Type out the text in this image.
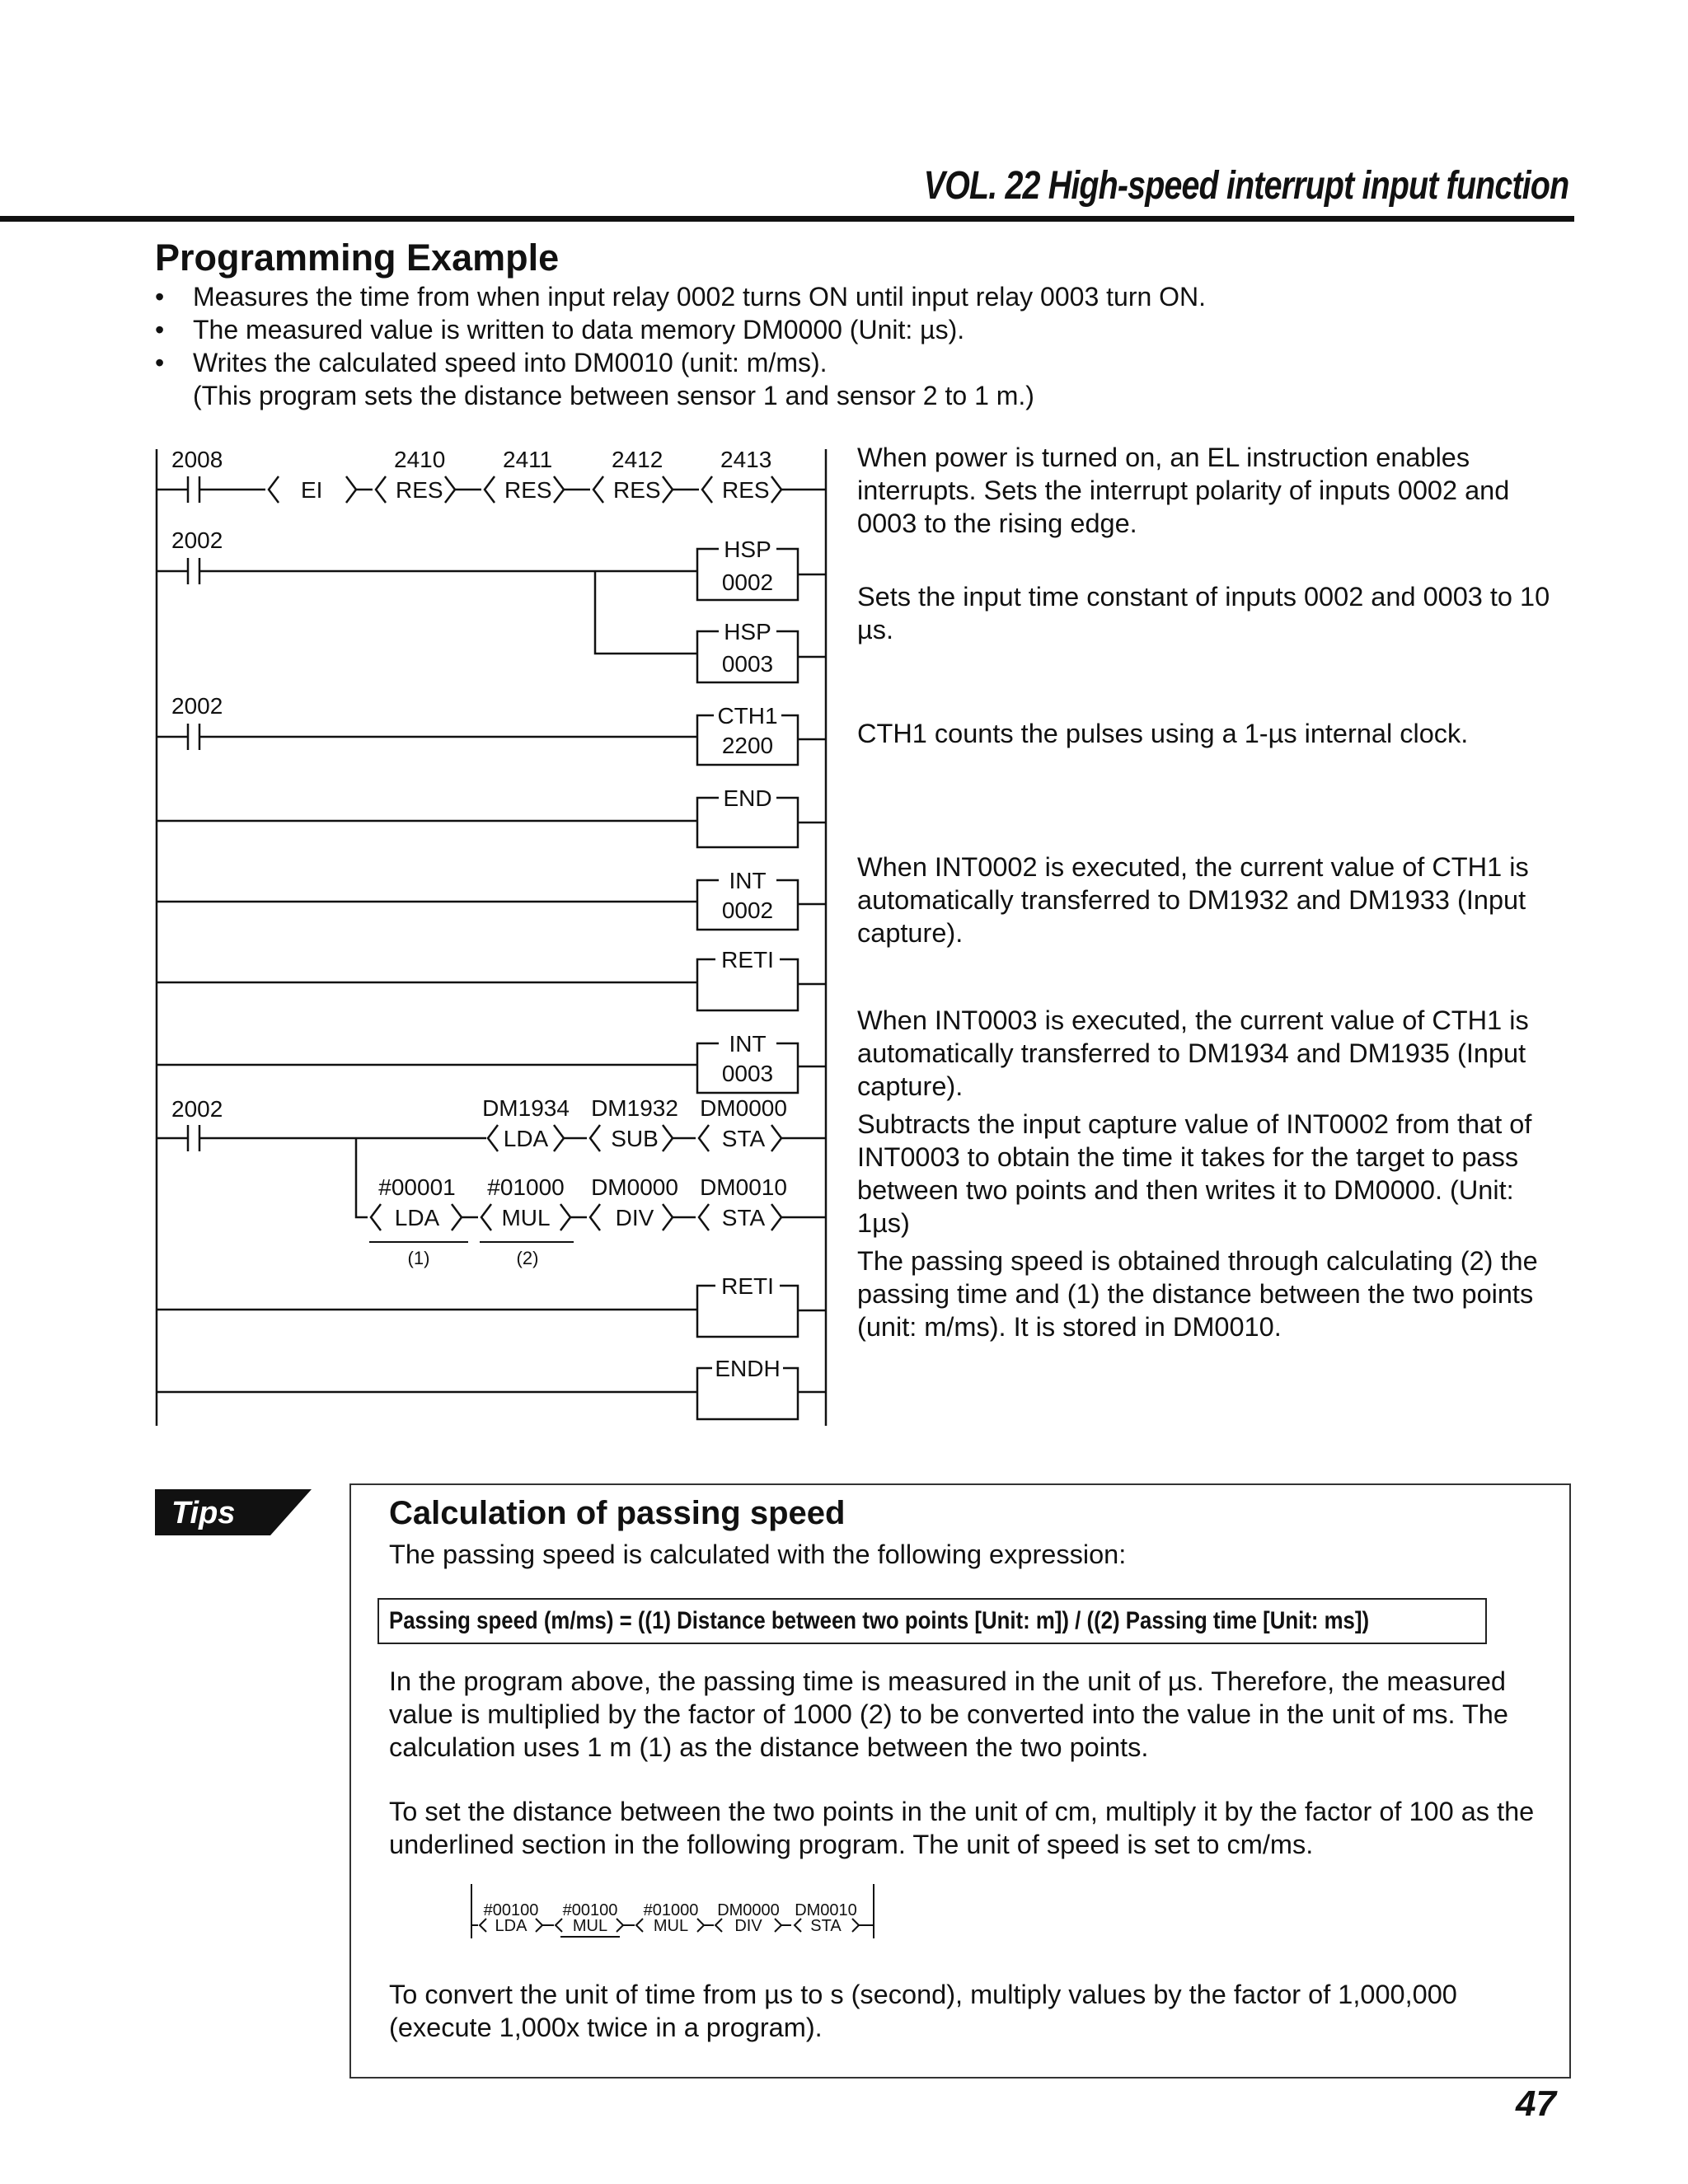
VOL. 22 High-speed interrupt input function
Programming Example
• Measures the time from when input relay 0002 turns ON until input relay 0003 turn ON.
• The measured value is written to data memory DM0000 (Unit: µs).
• Writes the calculated speed into DM0010 (unit: m/ms).
(This program sets the distance between sensor 1 and sensor 2 to 1 m.)
2008
EI	RES
2410
RES
2411
RES
2412
RES
2413
2002	HSP
0002
HSP
0003
2002	CTH1
2200
END
INT
0002
RETI
INT
0003
2002	DM1934
LDA
DM1932
SUB
DM0000
STA
#00001
LDA
(1)
#01000
MUL
(2)
DM0000
DIV
DM0010
STA
RETI
ENDH
When power is turned on, an EL instruction enables interrupts. Sets the interrupt polarity of inputs 0002 and 0003 to the rising edge.
Sets the input time constant of inputs 0002 and 0003 to 10 µs.
CTH1 counts the pulses using a 1-µs internal clock.
When INT0002 is executed, the current value of CTH1 is automatically transferred to DM1932 and DM1933 (Input capture).
When INT0003 is executed, the current value of CTH1 is automatically transferred to DM1934 and DM1935 (Input capture).
Subtracts the input capture value of INT0002 from that of INT0003 to obtain the time it takes for the target to pass between two points and then writes it to DM0000. (Unit: 1µs)
The passing speed is obtained through calculating (2) the passing time and (1) the distance between the two points (unit: m/ms). It is stored in DM0010.
Tips	Calculation of passing speed
The passing speed is calculated with the following expression:
Passing speed (m/ms) = ((1) Distance between two points [Unit: m]) / ((2) Passing time [Unit: ms])
In the program above, the passing time is measured in the unit of µs. Therefore, the measured value is multiplied by the factor of 1000 (2) to be converted into the value in the unit of ms. The calculation uses 1 m (1) as the distance between the two points.
To set the distance between the two points in the unit of cm, multiply it by the factor of 100 as the underlined section in the following program. The unit of speed is set to cm/ms.
#00100
LDA
#00100
MUL
#01000
MUL
DM0000
DIV
DM0010
STA
To convert the unit of time from µs to s (second), multiply values by the factor of 1,000,000 (execute 1,000x twice in a program).
47
